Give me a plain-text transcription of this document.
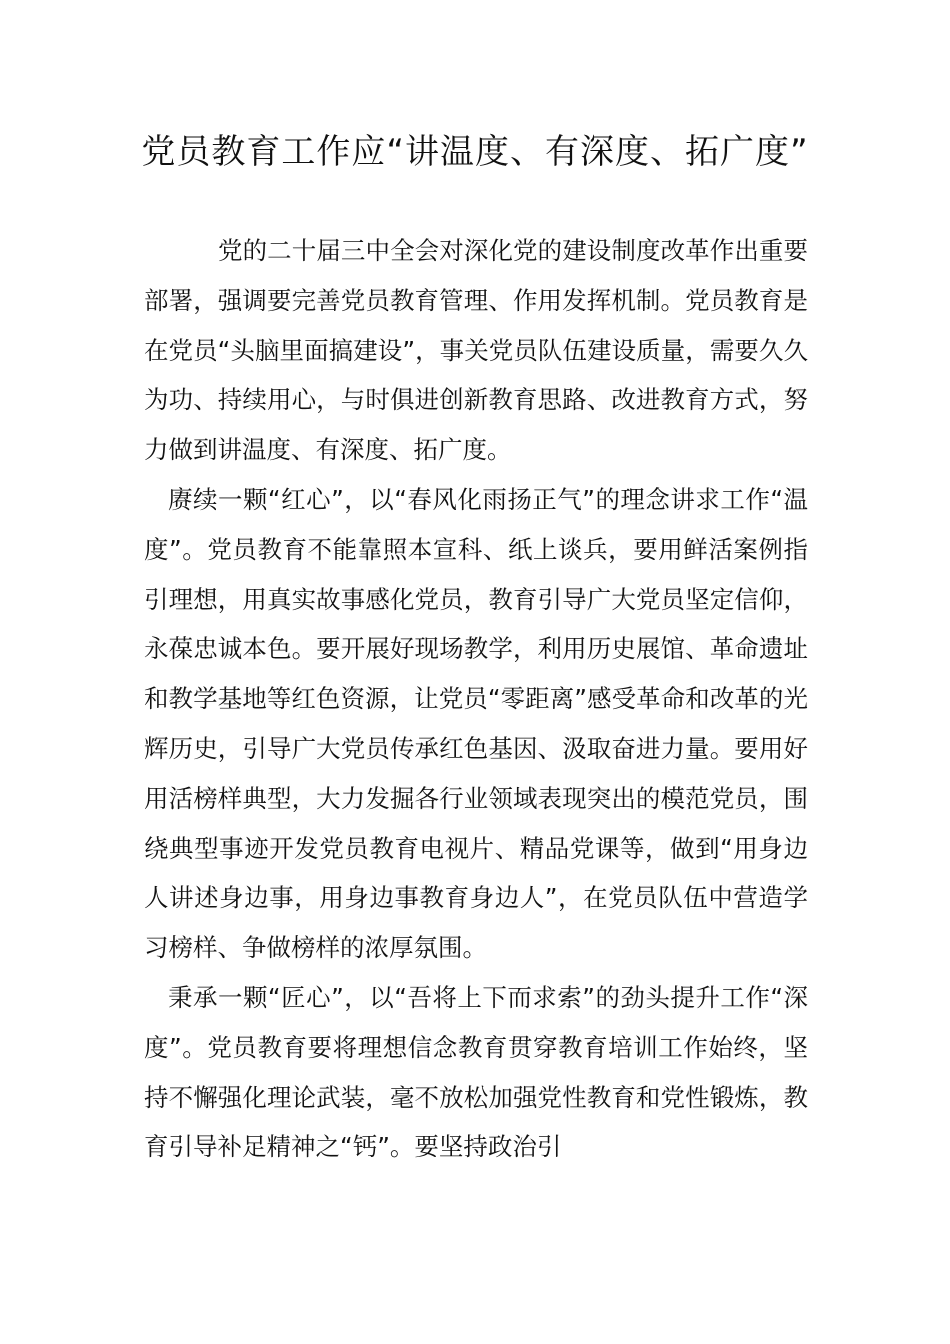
党员教育工作应“讲温度、有深度、拓广度”

党的二十届三中全会对深化党的建设制度改革作出重要部署，强调要完善党员教育管理、作用发挥机制。党员教育是在党员“头脑里面搞建设”，事关党员队伍建设质量，需要久久为功、持续用心，与时俱进创新教育思路、改进教育方式，努力做到讲温度、有深度、拓广度。

赓续一颗“红心”，以“春风化雨扬正气”的理念讲求工作“温度”。党员教育不能靠照本宣科、纸上谈兵，要用鲜活案例指引理想，用真实故事感化党员，教育引导广大党员坚定信仰，永葆忠诚本色。要开展好现场教学，利用历史展馆、革命遗址和教学基地等红色资源，让党员“零距离”感受革命和改革的光辉历史，引导广大党员传承红色基因、汲取奋进力量。要用好用活榜样典型，大力发掘各行业领域表现突出的模范党员，围绕典型事迹开发党员教育电视片、精品党课等，做到“用身边人讲述身边事，用身边事教育身边人”，在党员队伍中营造学习榜样、争做榜样的浓厚氛围。

秉承一颗“匠心”，以“吾将上下而求索”的劲头提升工作“深度”。党员教育要将理想信念教育贯穿教育培训工作始终，坚持不懈强化理论武装，毫不放松加强党性教育和党性锻炼，教育引导补足精神之“钙”。要坚持政治引
